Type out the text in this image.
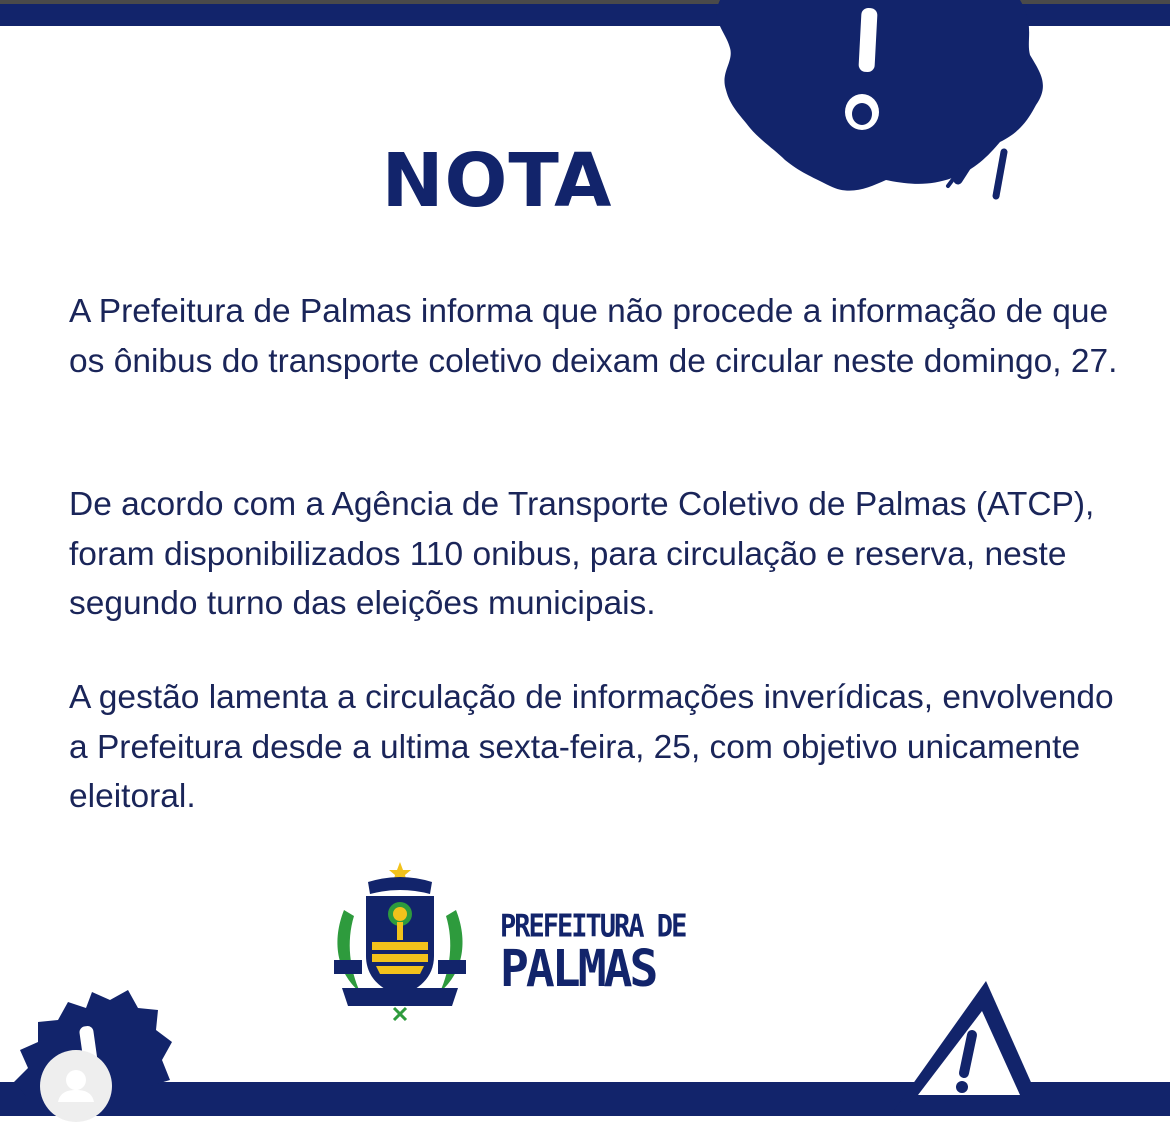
NOTA

A Prefeitura de Palmas informa que não procede a informação de que os ônibus do transporte coletivo deixam de circular neste domingo, 27.

De acordo com a Agência de Transporte Coletivo de Palmas (ATCP), foram disponibilizados 110 onibus, para circulação e reserva, neste segundo turno das eleições municipais.

A gestão lamenta a circulação de informações inverídicas, envolvendo a Prefeitura desde a ultima sexta-feira, 25, com objetivo unicamente eleitoral.

PREFEITURA DE
PALMAS
